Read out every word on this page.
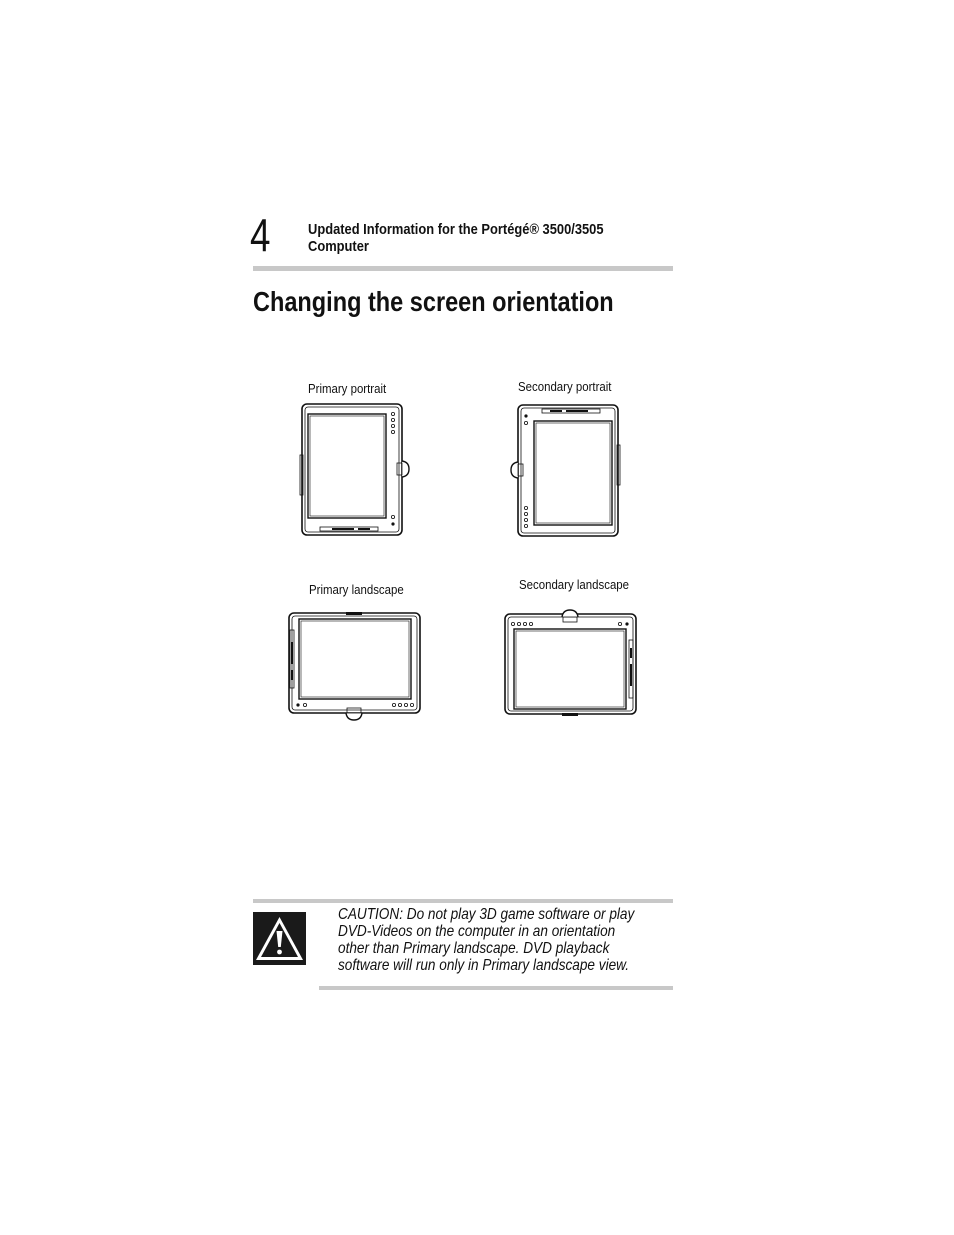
4	Updated Information for the Portégé® 3500/3505
Computer
Changing the screen orientation
Primary portrait	Secondary portrait
Primary landscape	Secondary landscape
CAUTION: Do not play 3D game software or play
DVD-Videos on the computer in an orientation
other than Primary landscape. DVD playback
software will run only in Primary landscape view.
